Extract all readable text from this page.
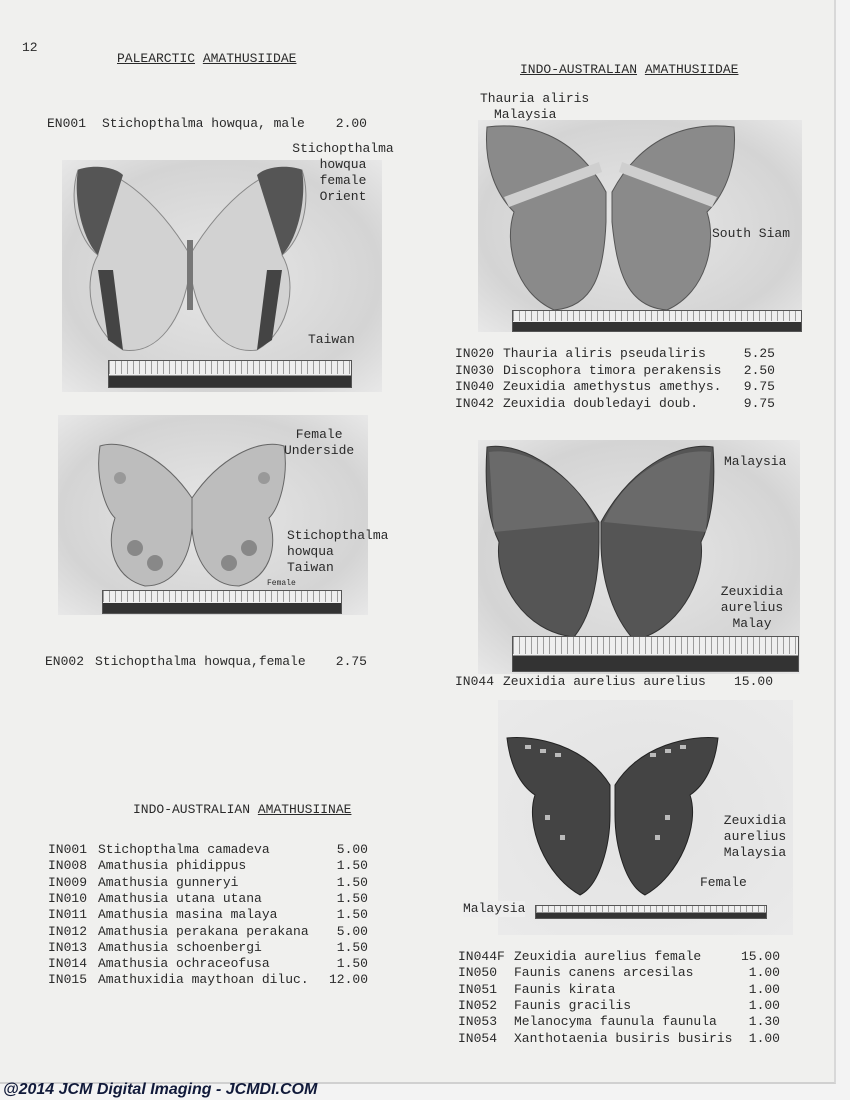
12
PALEARCTIC AMATHUSIIDAE
EN001 Stichopthalma howqua, male 2.00
Stichopthalma
howqua
female
Orient
Taiwan
Female
Underside
Stichopthalma
howqua
Taiwan
Female
EN002 Stichopthalma howqua,female 2.75
INDO-AUSTRALIAN AMATHUSIINAE
IN001 Stichopthalma camadeva	5.00
IN008 Amathusia phidippus	1.50
IN009 Amathusia gunneryi	1.50
IN010 Amathusia utana utana	1.50
IN011 Amathusia masina malaya	1.50
IN012 Amathusia perakana perakana 5.00
IN013 Amathusia schoenbergi	1.50
IN014 Amathusia ochraceofusa	1.50
IN015 Amathuxidia maythoan diluc. 12.00
INDO-AUSTRALIAN AMATHUSIIDAE
Thauria aliris
Malaysia
South Siam
IN020 Thauria aliris pseudaliris	5.25
IN030 Discophora timora perakensis 2.50
IN040 Zeuxidia amethystus amethys. 9.75
IN042 Zeuxidia doubledayi doub.	9.75
Malaysia
Zeuxidia
aurelius
Malay
IN044 Zeuxidia aurelius aurelius 15.00
Zeuxidia
aurelius
Malaysia
Female
Malaysia
IN044F Zeuxidia aurelius female	15.00
IN050 Faunis canens arcesilas	1.00
IN051 Faunis kirata	1.00
IN052 Faunis gracilis	1.00
IN053 Melanocyma faunula faunula 1.30
IN054 Xanthotaenia busiris busiris 1.00
@2014 JCM Digital Imaging - JCMDI.COM
